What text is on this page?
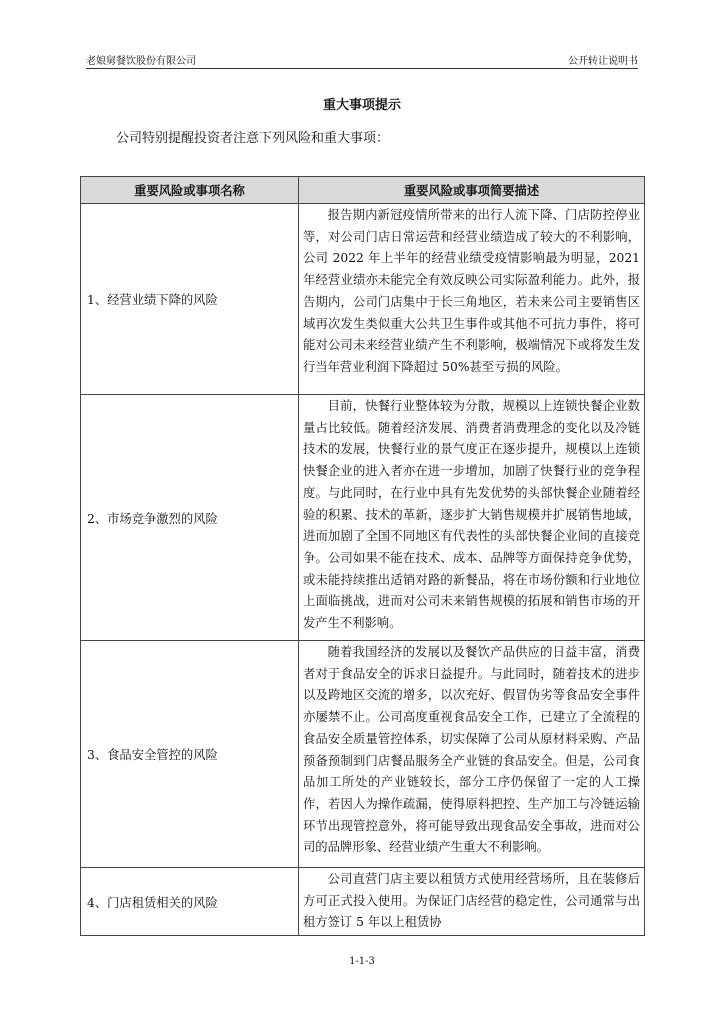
老娘舅餐饮股份有限公司	公开转让说明书
重大事项提示
公司特别提醒投资者注意下列风险和重大事项：
重要风险或事项名称	重要风险或事项简要描述
1、经营业绩下降的风险	报告期内新冠疫情所带来的出行人流下降、门店防控停业等，对公司门店日常运营和经营业绩造成了较大的不利影响，公司 2022 年上半年的经营业绩受疫情影响最为明显，2021 年经营业绩亦未能完全有效反映公司实际盈利能力。此外，报告期内，公司门店集中于长三角地区，若未来公司主要销售区域再次发生类似重大公共卫生事件或其他不可抗力事件，将可能对公司未来经营业绩产生不利影响，极端情况下或将发生发行当年营业利润下降超过 50%甚至亏损的风险。
2、市场竞争激烈的风险	目前，快餐行业整体较为分散，规模以上连锁快餐企业数量占比较低。随着经济发展、消费者消费理念的变化以及冷链技术的发展，快餐行业的景气度正在逐步提升，规模以上连锁快餐企业的进入者亦在进一步增加，加剧了快餐行业的竞争程度。与此同时，在行业中具有先发优势的头部快餐企业随着经验的积累、技术的革新，逐步扩大销售规模并扩展销售地域，进而加剧了全国不同地区有代表性的头部快餐企业间的直接竞争。公司如果不能在技术、成本、品牌等方面保持竞争优势，或未能持续推出适销对路的新餐品，将在市场份额和行业地位上面临挑战，进而对公司未来销售规模的拓展和销售市场的开发产生不利影响。
3、食品安全管控的风险	随着我国经济的发展以及餐饮产品供应的日益丰富，消费者对于食品安全的诉求日益提升。与此同时，随着技术的进步以及跨地区交流的增多，以次充好、假冒伪劣等食品安全事件亦屡禁不止。公司高度重视食品安全工作，已建立了全流程的食品安全质量管控体系，切实保障了公司从原材料采购、产品预备预制到门店餐品服务全产业链的食品安全。但是，公司食品加工所处的产业链较长，部分工序仍保留了一定的人工操作，若因人为操作疏漏，使得原料把控、生产加工与冷链运输环节出现管控意外，将可能导致出现食品安全事故，进而对公司的品牌形象、经营业绩产生重大不利影响。
4、门店租赁相关的风险	公司直营门店主要以租赁方式使用经营场所，且在装修后方可正式投入使用。为保证门店经营的稳定性，公司通常与出租方签订 5 年以上租赁协
1-1-3
